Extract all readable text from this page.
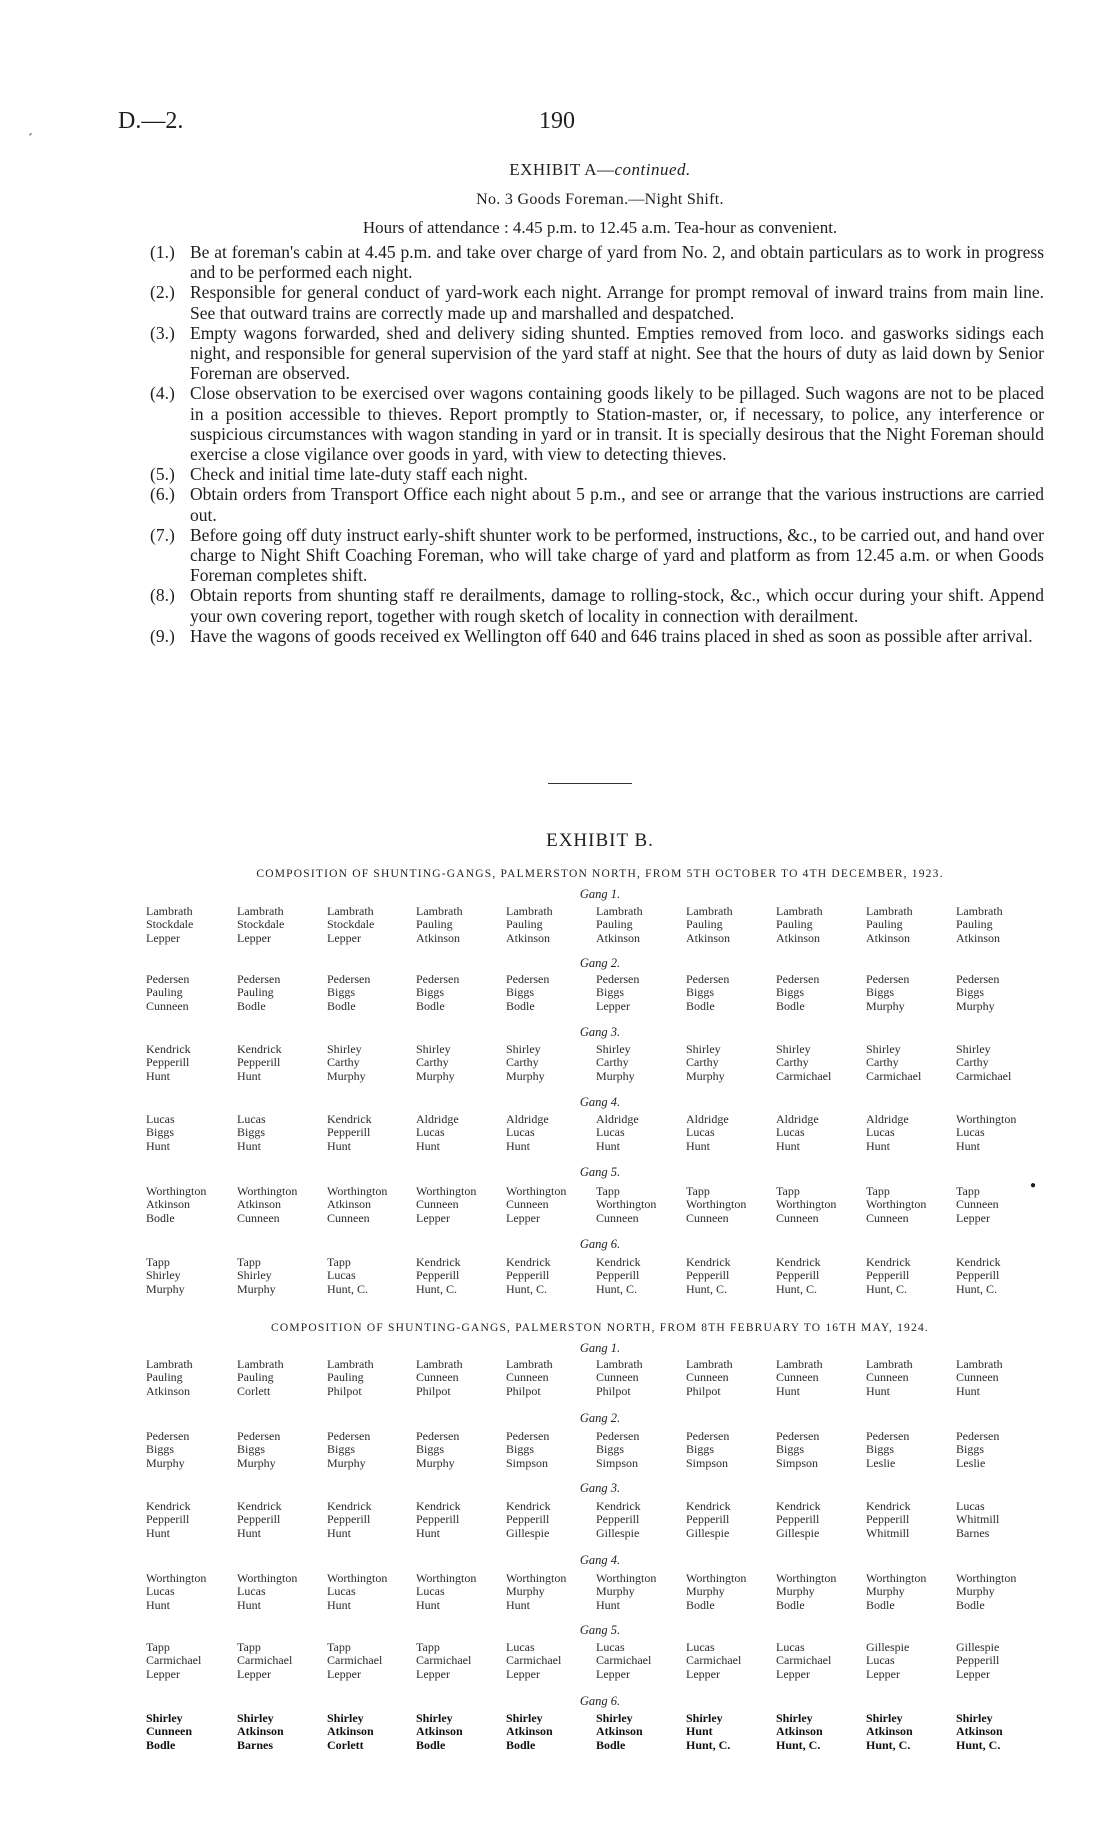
D.—2.	190
´
EXHIBIT A—continued.
No. 3 Goods Foreman.—Night Shift.
Hours of attendance : 4.45 p.m. to 12.45 a.m. Tea-hour as convenient.
(1.) Be at foreman's cabin at 4.45 p.m. and take over charge of yard from No. 2, and obtain particulars as to work in progress and to be performed each night.
(2.) Responsible for general conduct of yard-work each night. Arrange for prompt removal of inward trains from main line. See that outward trains are correctly made up and marshalled and despatched.
(3.) Empty wagons forwarded, shed and delivery siding shunted. Empties removed from loco. and gasworks sidings each night, and responsible for general supervision of the yard staff at night. See that the hours of duty as laid down by Senior Foreman are observed.
(4.) Close observation to be exercised over wagons containing goods likely to be pillaged. Such wagons are not to be placed in a position accessible to thieves. Report promptly to Station-master, or, if necessary, to police, any interference or suspicious circumstances with wagon standing in yard or in transit. It is specially desirous that the Night Foreman should exercise a close vigilance over goods in yard, with view to detecting thieves.
(5.) Check and initial time late-duty staff each night.
(6.) Obtain orders from Transport Office each night about 5 p.m., and see or arrange that the various instructions are carried out.
(7.) Before going off duty instruct early-shift shunter work to be performed, instructions, &c., to be carried out, and hand over charge to Night Shift Coaching Foreman, who will take charge of yard and platform as from 12.45 a.m. or when Goods Foreman completes shift.
(8.) Obtain reports from shunting staff re derailments, damage to rolling-stock, &c., which occur during your shift. Append your own covering report, together with rough sketch of locality in connection with derailment.
(9.) Have the wagons of goods received ex Wellington off 640 and 646 trains placed in shed as soon as possible after arrival.
EXHIBIT B.
●
COMPOSITION OF SHUNTING-GANGS, PALMERSTON NORTH, FROM 5TH OCTOBER TO 4TH DECEMBER, 1923.
Gang 1.
Lambrath
Stockdale
Lepper
Lambrath
Stockdale
Lepper
Lambrath
Stockdale
Lepper
Lambrath
Pauling
Atkinson
Lambrath
Pauling
Atkinson
Lambrath
Pauling
Atkinson
Lambrath
Pauling
Atkinson
Lambrath
Pauling
Atkinson
Lambrath
Pauling
Atkinson
Lambrath
Pauling
Atkinson
Gang 2.
Pedersen
Pauling
Cunneen
Pedersen
Pauling
Bodle
Pedersen
Biggs
Bodle
Pedersen
Biggs
Bodle
Pedersen
Biggs
Bodle
Pedersen
Biggs
Lepper
Pedersen
Biggs
Bodle
Pedersen
Biggs
Bodle
Pedersen
Biggs
Murphy
Pedersen
Biggs
Murphy
Gang 3.
Kendrick
Pepperill
Hunt
Kendrick
Pepperill
Hunt
Shirley
Carthy
Murphy
Shirley
Carthy
Murphy
Shirley
Carthy
Murphy
Shirley
Carthy
Murphy
Shirley
Carthy
Murphy
Shirley
Carthy
Carmichael
Shirley
Carthy
Carmichael
Shirley
Carthy
Carmichael
Gang 4.
Lucas
Biggs
Hunt
Lucas
Biggs
Hunt
Kendrick
Pepperill
Hunt
Aldridge
Lucas
Hunt
Aldridge
Lucas
Hunt
Aldridge
Lucas
Hunt
Aldridge
Lucas
Hunt
Aldridge
Lucas
Hunt
Aldridge
Lucas
Hunt
Worthington
Lucas
Hunt
Gang 5.
Worthington
Atkinson
Bodle
Worthington
Atkinson
Cunneen
Worthington
Atkinson
Cunneen
Worthington
Cunneen
Lepper
Worthington
Cunneen
Lepper
Tapp
Worthington
Cunneen
Tapp
Worthington
Cunneen
Tapp
Worthington
Cunneen
Tapp
Worthington
Cunneen
Tapp
Cunneen
Lepper
Gang 6.
Tapp
Shirley
Murphy
Tapp
Shirley
Murphy
Tapp
Lucas
Hunt, C.
Kendrick
Pepperill
Hunt, C.
Kendrick
Pepperill
Hunt, C.
Kendrick
Pepperill
Hunt, C.
Kendrick
Pepperill
Hunt, C.
Kendrick
Pepperill
Hunt, C.
Kendrick
Pepperill
Hunt, C.
Kendrick
Pepperill
Hunt, C.
COMPOSITION OF SHUNTING-GANGS, PALMERSTON NORTH, FROM 8TH FEBRUARY TO 16TH MAY, 1924.
Gang 1.
Lambrath
Pauling
Atkinson
Lambrath
Pauling
Corlett
Lambrath
Pauling
Philpot
Lambrath
Cunneen
Philpot
Lambrath
Cunneen
Philpot
Lambrath
Cunneen
Philpot
Lambrath
Cunneen
Philpot
Lambrath
Cunneen
Hunt
Lambrath
Cunneen
Hunt
Lambrath
Cunneen
Hunt
Gang 2.
Pedersen
Biggs
Murphy
Pedersen
Biggs
Murphy
Pedersen
Biggs
Murphy
Pedersen
Biggs
Murphy
Pedersen
Biggs
Simpson
Pedersen
Biggs
Simpson
Pedersen
Biggs
Simpson
Pedersen
Biggs
Simpson
Pedersen
Biggs
Leslie
Pedersen
Biggs
Leslie
Gang 3.
Kendrick
Pepperill
Hunt
Kendrick
Pepperill
Hunt
Kendrick
Pepperill
Hunt
Kendrick
Pepperill
Hunt
Kendrick
Pepperill
Gillespie
Kendrick
Pepperill
Gillespie
Kendrick
Pepperill
Gillespie
Kendrick
Pepperill
Gillespie
Kendrick
Pepperill
Whitmill
Lucas
Whitmill
Barnes
Gang 4.
Worthington
Lucas
Hunt
Worthington
Lucas
Hunt
Worthington
Lucas
Hunt
Worthington
Lucas
Hunt
Worthington
Murphy
Hunt
Worthington
Murphy
Hunt
Worthington
Murphy
Bodle
Worthington
Murphy
Bodle
Worthington
Murphy
Bodle
Worthington
Murphy
Bodle
Gang 5.
Tapp
Carmichael
Lepper
Tapp
Carmichael
Lepper
Tapp
Carmichael
Lepper
Tapp
Carmichael
Lepper
Lucas
Carmichael
Lepper
Lucas
Carmichael
Lepper
Lucas
Carmichael
Lepper
Lucas
Carmichael
Lepper
Gillespie
Lucas
Lepper
Gillespie
Pepperill
Lepper
Gang 6.
Shirley
Cunneen
Bodle
Shirley
Atkinson
Barnes
Shirley
Atkinson
Corlett
Shirley
Atkinson
Bodle
Shirley
Atkinson
Bodle
Shirley
Atkinson
Bodle
Shirley
Hunt
Hunt, C.
Shirley
Atkinson
Hunt, C.
Shirley
Atkinson
Hunt, C.
Shirley
Atkinson
Hunt, C.
